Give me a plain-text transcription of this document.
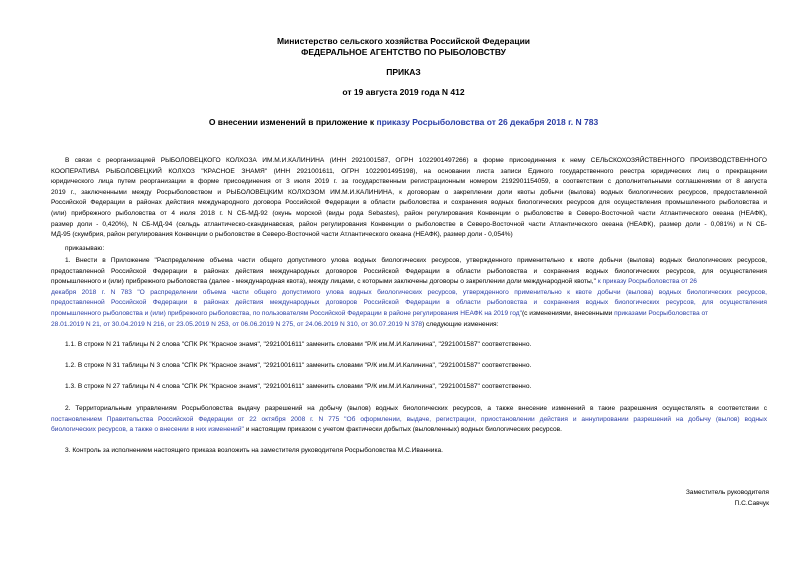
Министерство сельского хозяйства Российской Федерации
ФЕДЕРАЛЬНОЕ АГЕНТСТВО ПО РЫБОЛОВСТВУ
ПРИКАЗ
от 19 августа 2019 года N 412
О внесении изменений в приложение к приказу Росрыболовства от 26 декабря 2018 г. N 783
В связи с реорганизацией РЫБОЛОВЕЦКОГО КОЛХОЗА ИМ.М.И.КАЛИНИНА (ИНН 2921001587, ОГРН 1022901497266) в форме присоединения к нему СЕЛЬСКОХОЗЯЙСТВЕННОГО ПРОИЗВОДСТВЕННОГО
КООПЕРАТИВА РЫБОЛОВЕЦКИЙ КОЛХОЗ "КРАСНОЕ ЗНАМЯ" (ИНН 2921001611, ОГРН 1022901495198), на основании листа записи Единого государственного реестра юридических лиц о прекращении
юридического лица путем реорганизации в форме присоединения от 3 июля 2019 г. за государственным регистрационным номером 2192901154059, в соответствии с дополнительными соглашениями от 8 августа
2019 г., заключенными между Росрыболовством и РЫБОЛОВЕЦКИМ КОЛХОЗОМ ИМ.М.И.КАЛИНИНА, к договорам о закреплении доли квоты добычи (вылова) водных биологических ресурсов, предоставленной
Российской Федерации в районах действия международного договора Российской Федерации в области рыболовства и сохранения водных биологических ресурсов для осуществления промышленного рыболовства и
(или) прибрежного рыболовства от 4 июля 2018 г. N СБ-МД-92 (окунь морской (виды рода Sebastes), район регулирования Конвенции о рыболовстве в Северо-Восточной части Атлантического океана (НЕАФК),
размер доли - 0,420%), N СБ-МД-94 (сельдь атлантическо-скандинавская, район регулирования Конвенции о рыболовстве в Северо-Восточной части Атлантического океана (НЕАФК), размер доли - 0,081%) и N СБ-
МД-95 (скумбрия, район регулирования Конвенции о рыболовстве в Северо-Восточной части Атлантического океана (НЕАФК), размер доли - 0,054%)
приказываю:
1. Внести в Приложение "Распределение объема части общего допустимого улова водных биологических ресурсов, утвержденного применительно к квоте добычи (вылова) водных биологических ресурсов,
предоставленной Российской Федерации в районах действия международных договоров Российской Федерации в области рыболовства и сохранения водных биологических ресурсов, для осуществления
промышленного и (или) прибрежного рыболовства (далее - международная квота), между лицами, с которыми заключены договоры о закреплении доли международной квоты," к приказу Росрыболовства от 26
декабря 2018 г. N 783 "О распределении объема части общего допустимого улова водных биологических ресурсов, утвержденного применительно к квоте добычи (вылова) водных биологических ресурсов,
предоставленной Российской Федерации в районах действия международных договоров Российской Федерации в области рыболовства и сохранения водных биологических ресурсов, для осуществления
промышленного рыболовства и (или) прибрежного рыболовства, по пользователям Российской Федерации в районе регулирования НЕАФК на 2019 год"(с изменениями, внесенными приказами Росрыболовства от
28.01.2019 N 21, от 30.04.2019 N 216, от 23.05.2019 N 253, от 06.06.2019 N 275, от 24.06.2019 N 310, от 30.07.2019 N 378) следующие изменения:
1.1. В строке N 21 таблицы N 2 слова "СПК РК "Красное знамя", "2921001611" заменить словами "Р/К им.М.И.Калинина", "2921001587" соответственно.
1.2. В строке N 31 таблицы N 3 слова "СПК РК "Красное знамя", "2921001611" заменить словами "Р/К им.М.И.Калинина", "2921001587" соответственно.
1.3. В строке N 27 таблицы N 4 слова "СПК РК "Красное знамя", "2921001611" заменить словами "Р/К им.М.И.Калинина", "2921001587" соответственно.
2. Территориальным управлениям Росрыболовства выдачу разрешений на добычу (вылов) водных биологических ресурсов, а также внесение изменений в такие разрешения осуществлять в соответствии с
постановлением Правительства Российской Федерации от 22 октября 2008 г. N 775 "Об оформлении, выдаче, регистрации, приостановлении действия и аннулировании разрешений на добычу (вылов) водных
биологических ресурсов, а также о внесении в них изменений" и настоящим приказом с учетом фактически добытых (выловленных) водных биологических ресурсов.
3. Контроль за исполнением настоящего приказа возложить на заместителя руководителя Росрыболовства М.С.Иванника.
Заместитель руководителя
П.С.Савчук
